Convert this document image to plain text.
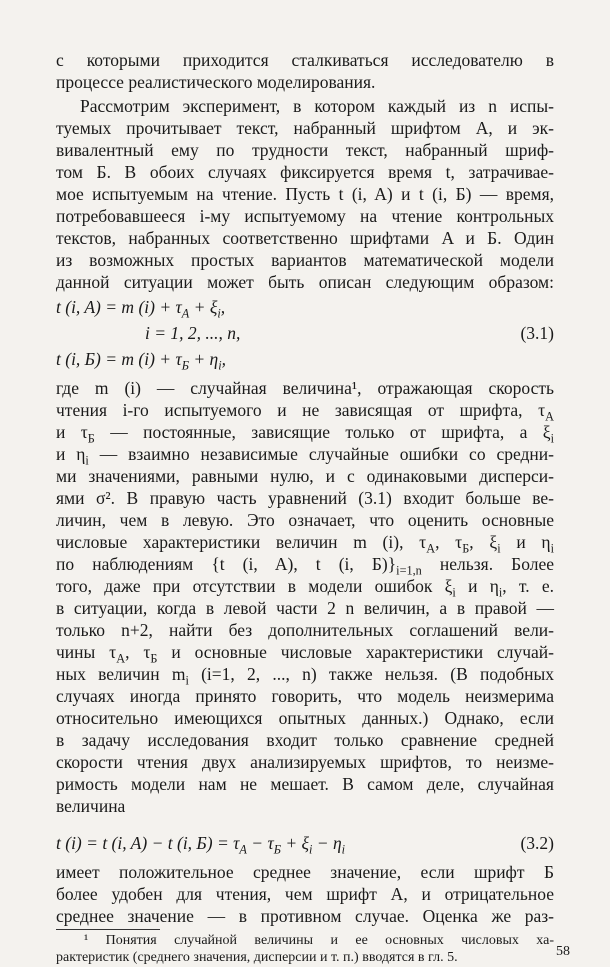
с которыми приходится сталкиваться исследователю в
процессе реалистического моделирования.
Рассмотрим эксперимент, в котором каждый из n испы-
туемых прочитывает текст, набранный шрифтом A, и эк-
вивалентный ему по трудности текст, набранный шриф-
том Б. В обоих случаях фиксируется время t, затрачивае-
мое испытуемым на чтение. Пусть t (i, A) и t (i, Б) — время,
потребовавшееся i-му испытуемому на чтение контрольных
текстов, набранных соответственно шрифтами A и Б. Один
из возможных простых вариантов математической модели
данной ситуации может быть описан следующим образом:
t (i, A) = m $(i) + \tau_A + \xi_i$,
i = 1, 2, ..., n,	(3.1)
t (i, Б) = m $(i) + \tau_Б + \eta_i$,
где m (i) — случайная величина¹, отражающая скорость
чтения i-го испытуемого и не зависящая от шрифта, $\tau_A$
и $\tau_Б$ — постоянные, зависящие только от шрифта, а $\xi_i$
и $\eta_i$ — взаимно независимые случайные ошибки со средни-
ми значениями, равными нулю, и с одинаковыми дисперси-
ями σ². В правую часть уравнений (3.1) входит больше ве-
личин, чем в левую. Это означает, что оценить основные
числовые характеристики величин m (i), $\tau_A$, $\tau_Б$, $\xi_i$ и $\eta_i$
по наблюдениям {t (i, A), t (i, $Б)\}_{i=1,n}$ нельзя. Более
того, даже при отсутствии в модели ошибок $\xi_i$ и $\eta_i$, т. е.
в ситуации, когда в левой части 2 n величин, а в правой —
только n+2, найти без дополнительных соглашений вели-
чины $\tau_A$, $\tau_Б$ и основные числовые характеристики случай-
ных величин $m_i$ (i=1, 2, ..., n) также нельзя. (В подобных
случаях иногда принято говорить, что модель неизмерима
относительно имеющихся опытных данных.) Однако, если
в задачу исследования входит только сравнение средней
скорости чтения двух анализируемых шрифтов, то неизме-
римость модели нам не мешает. В самом деле, случайная
величина
t (i) = t (i, A) − t (i, $Б) = \tau_A - \tau_Б + \xi_i - \eta_i$	(3.2)
имеет положительное среднее значение, если шрифт Б
более удобен для чтения, чем шрифт A, и отрицательное
среднее значение — в противном случае. Оценка же раз-
¹ Понятия случайной величины и ее основных числовых ха-
рактеристик (среднего значения, дисперсии и т. п.) вводятся в гл. 5.	58
